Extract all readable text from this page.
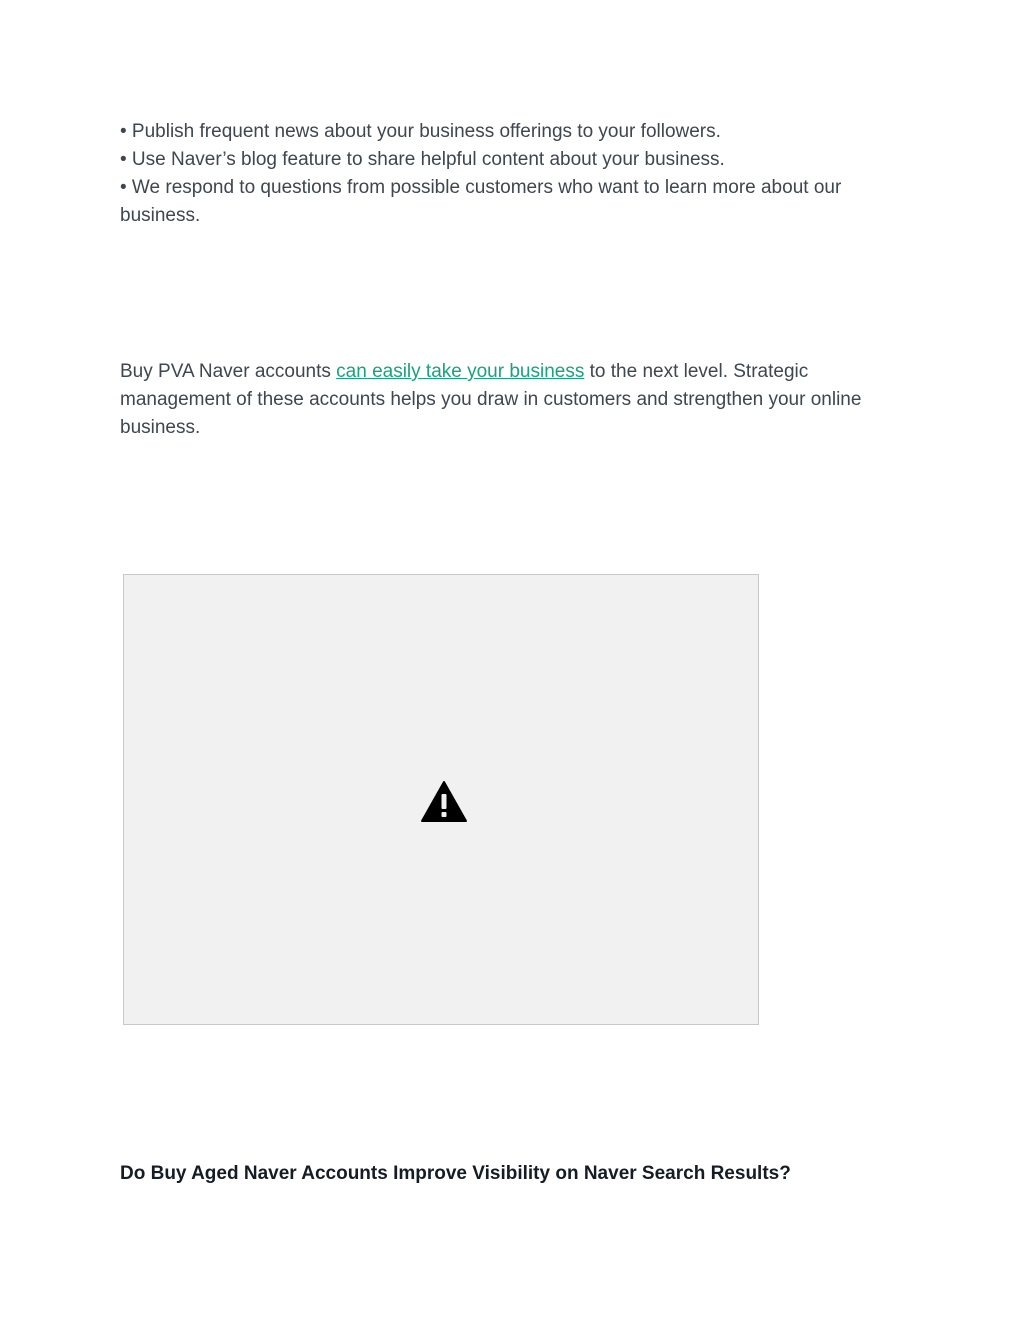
• Publish frequent news about your business offerings to your followers.

• Use Naver’s blog feature to share helpful content about your business.

• We respond to questions from possible customers who want to learn more about our business.

Buy PVA Naver accounts can easily take your business to the next level. Strategic management of these accounts helps you draw in customers and strengthen your online business.

Do Buy Aged Naver Accounts Improve Visibility on Naver Search Results?
